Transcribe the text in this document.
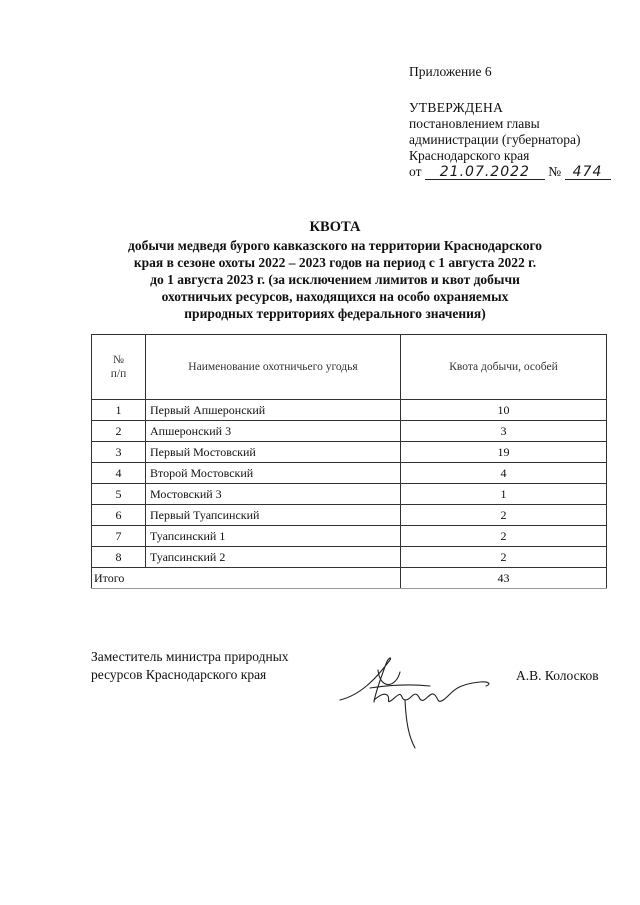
Приложение 6
УТВЕРЖДЕНА
постановлением главы
администрации (губернатора)
Краснодарского края
от 21.07.2022 № 474
КВОТА
добычи медведя бурого кавказского на территории Краснодарского
края в сезоне охоты 2022 – 2023 годов на период с 1 августа 2022 г.
до 1 августа 2023 г. (за исключением лимитов и квот добычи
охотничьих ресурсов, находящихся на особо охраняемых
природных территориях федерального значения)
№
п/п	Наименование охотничьего угодья	Квота добычи, особей
1	Первый Апшеронский	10
2	Апшеронский 3	3
3	Первый Мостовский	19
4	Второй Мостовский	4
5	Мостовский 3	1
6	Первый Туапсинский	2
7	Туапсинский 1	2
8	Туапсинский 2	2
Итого		43
Заместитель министра природных
ресурсов Краснодарского края	А.В. Колосков
